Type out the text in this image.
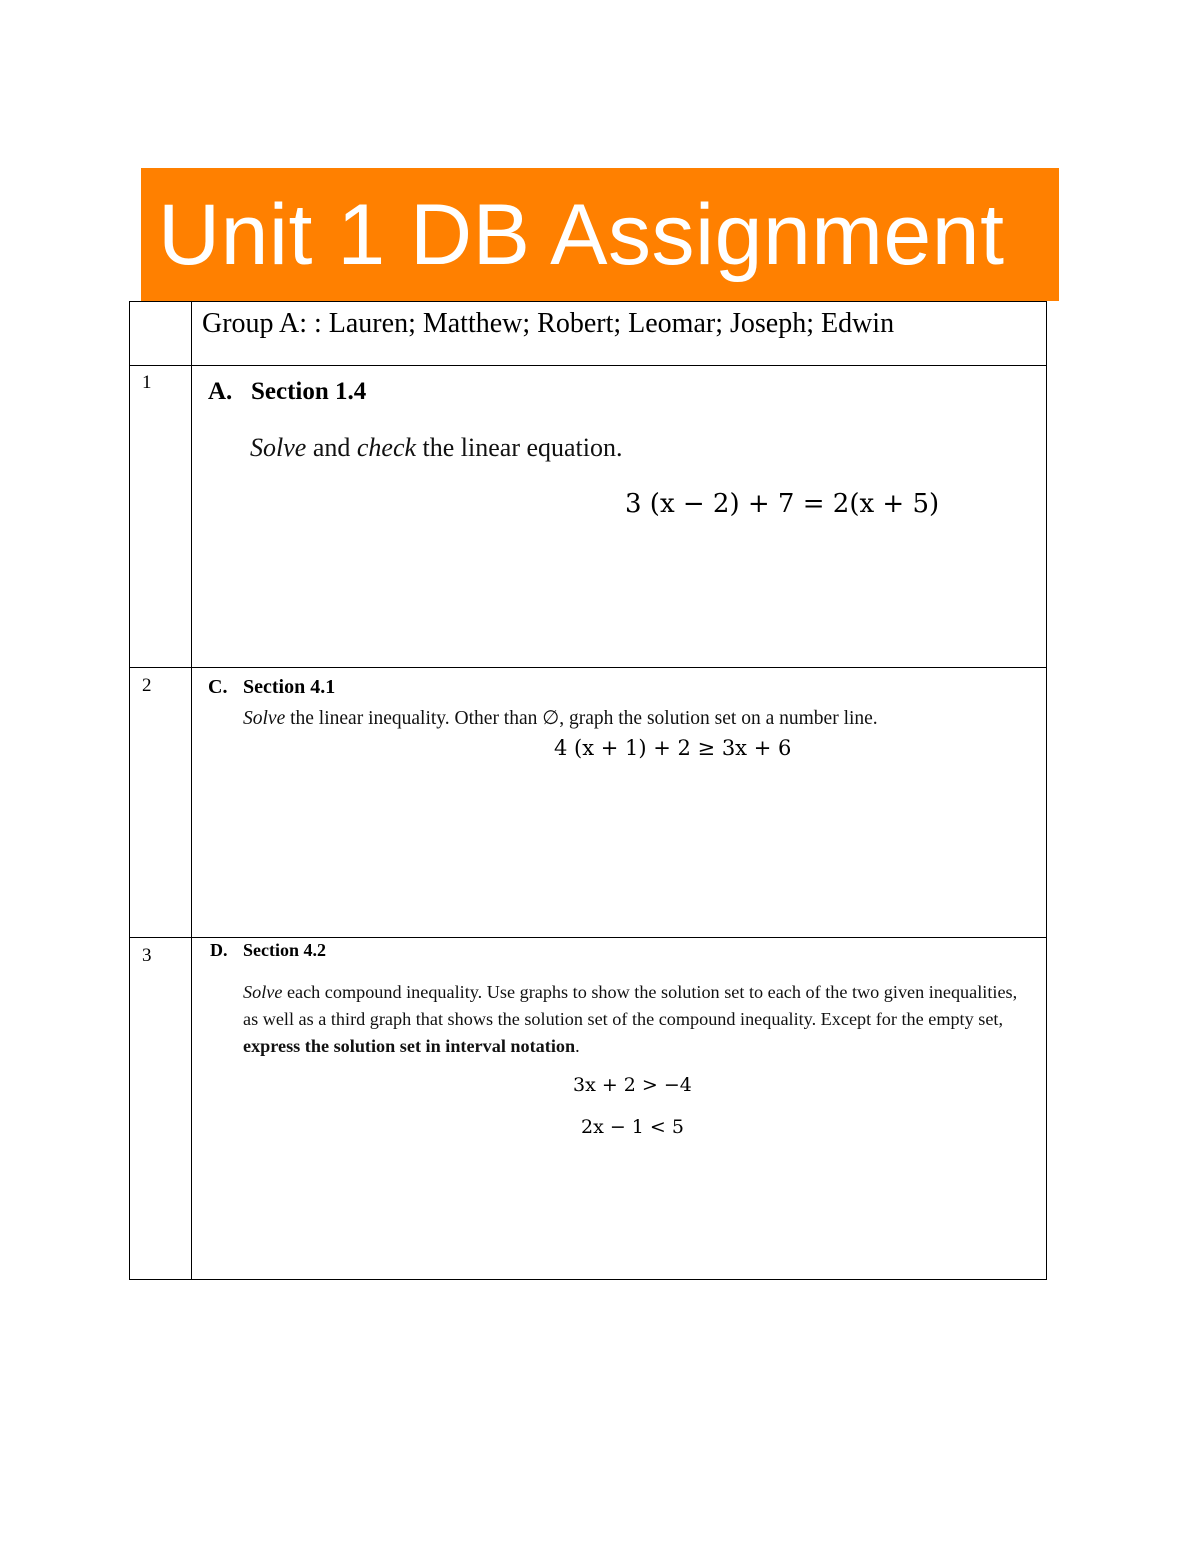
Unit 1 DB Assignment
Group A: : Lauren; Matthew; Robert; Leomar; Joseph; Edwin
1 A. Section 1.4
Solve and check the linear equation.
3 (x − 2) + 7 = 2(x + 5)
2	C. Section 4.1
Solve the linear inequality. Other than ∅, graph the solution set on a number line.
4 (x + 1) + 2 ≥ 3x + 6
3	D. Section 4.2
Solve each compound inequality. Use graphs to show the solution set to each of the two given inequalities, as well as a third graph that shows the solution set of the compound inequality. Except for the empty set, express the solution set in interval notation.
3x + 2 > −4
2x − 1 < 5
